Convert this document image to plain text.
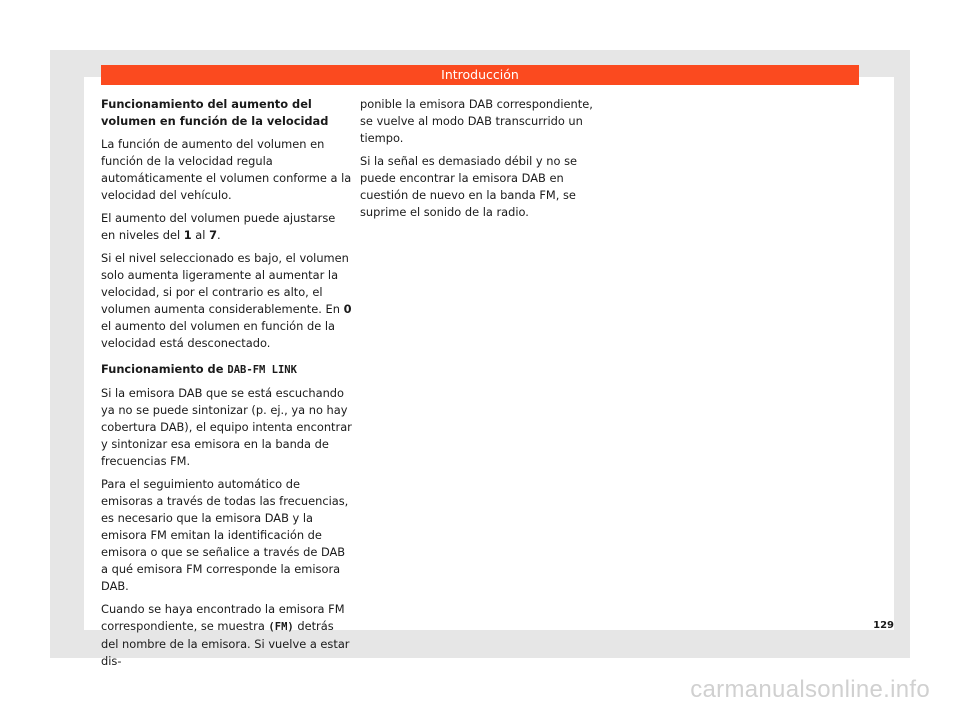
Introducción
Funcionamiento del aumento del volumen en función de la velocidad

La función de aumento del volumen en función de la velocidad regula automáticamente el volumen conforme a la velocidad del vehículo.

El aumento del volumen puede ajustarse en niveles del 1 al 7.

Si el nivel seleccionado es bajo, el volumen solo aumenta ligeramente al aumentar la velocidad, si por el contrario es alto, el volumen aumenta considerablemente. En 0 el aumento del volumen en función de la velocidad está desconectado.

Funcionamiento de DAB-FM LINK

Si la emisora DAB que se está escuchando ya no se puede sintonizar (p. ej., ya no hay cobertura DAB), el equipo intenta encontrar y sintonizar esa emisora en la banda de frecuencias FM.

Para el seguimiento automático de emisoras a través de todas las frecuencias, es necesario que la emisora DAB y la emisora FM emitan la identificación de emisora o que se señalice a través de DAB a qué emisora FM corresponde la emisora DAB.

Cuando se haya encontrado la emisora FM correspondiente, se muestra (FM) detrás del nombre de la emisora. Si vuelve a estar dis-

ponible la emisora DAB correspondiente, se vuelve al modo DAB transcurrido un tiempo.

Si la señal es demasiado débil y no se puede encontrar la emisora DAB en cuestión de nuevo en la banda FM, se suprime el sonido de la radio.

129
carmanualsonline.info
